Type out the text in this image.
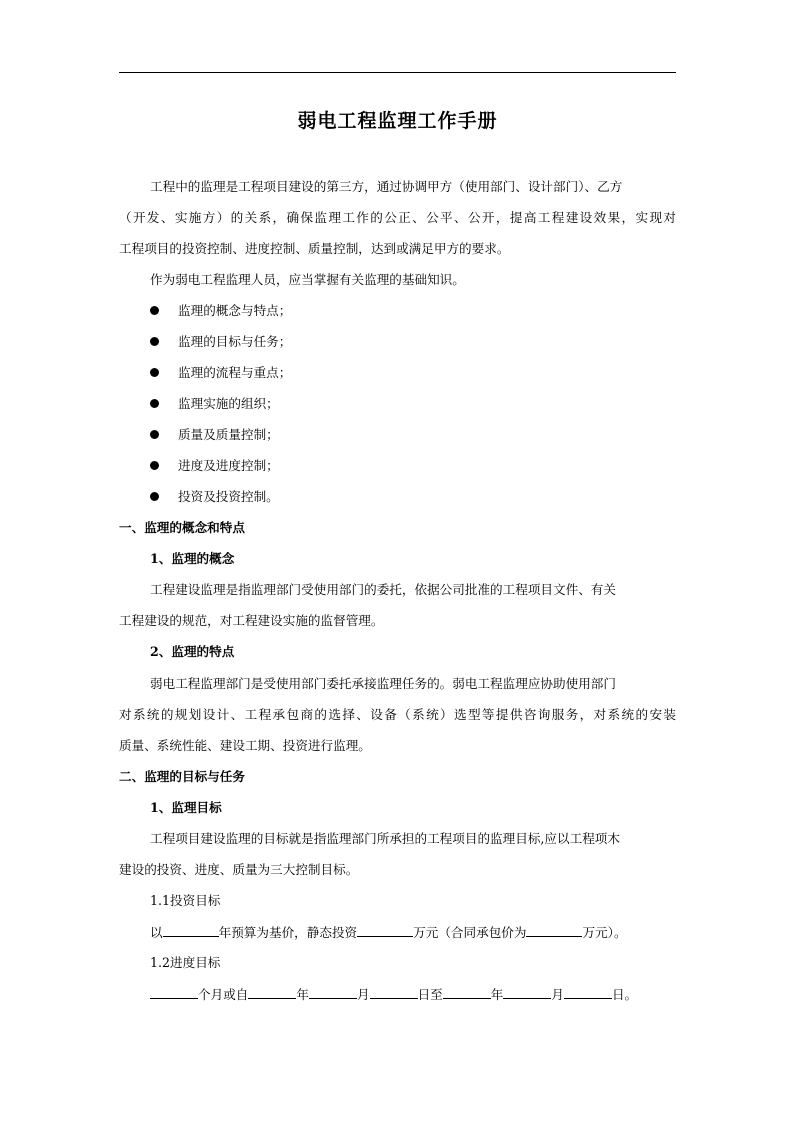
弱电工程监理工作手册
工程中的监理是工程项目建设的第三方，通过协调甲方（使用部门、设计部门）、乙方
（开发、实施方）的关系，确保监理工作的公正、公平、公开，提高工程建设效果，实现对
工程项目的投资控制、进度控制、质量控制，达到或满足甲方的要求。
作为弱电工程监理人员，应当掌握有关监理的基础知识。
监理的概念与特点；
监理的目标与任务；
监理的流程与重点；
监理实施的组织；
质量及质量控制；
进度及进度控制；
投资及投资控制。
一、监理的概念和特点
1、监理的概念
工程建设监理是指监理部门受使用部门的委托，依据公司批准的工程项目文件、有关
工程建设的规范，对工程建设实施的监督管理。
2、监理的特点
弱电工程监理部门是受使用部门委托承接监理任务的。弱电工程监理应协助使用部门
对系统的规划设计、工程承包商的选择、设备（系统）选型等提供咨询服务，对系统的安装
质量、系统性能、建设工期、投资进行监理。
二、监理的目标与任务
1、监理目标
工程项目建设监理的目标就是指监理部门所承担的工程项目的监理目标,应以工程项木
建设的投资、进度、质量为三大控制目标。
1.1投资目标
以	年预算为基价，静态投资	万元（合同承包价为	万元）。
1.2进度目标
个月或自	年	月	日至	年	月	日。
